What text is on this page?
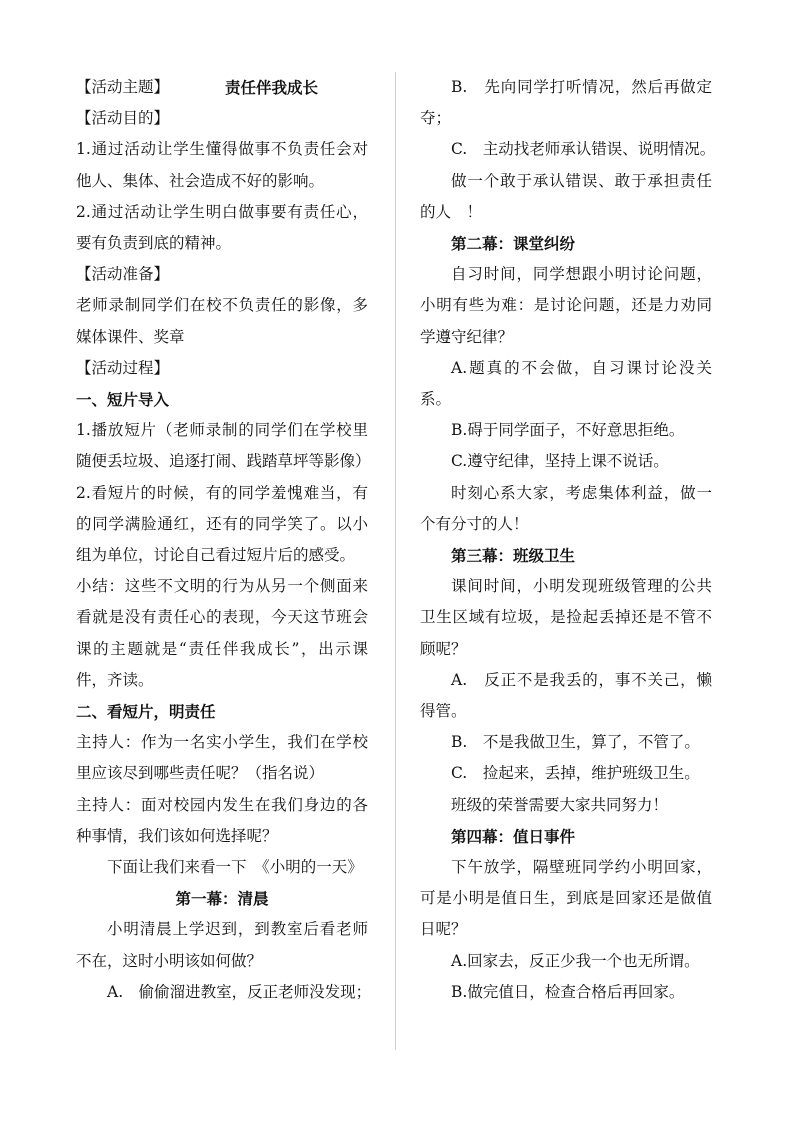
【活动主题】	责任伴我成长
【活动目的】
1.通过活动让学生懂得做事不负责任会对他人、集体、社会造成不好的影响。
2.通过活动让学生明白做事要有责任心，要有负责到底的精神。
【活动准备】
老师录制同学们在校不负责任的影像，多媒体课件、奖章
【活动过程】
一、短片导入
1.播放短片（老师录制的同学们在学校里随便丢垃圾、追逐打闹、践踏草坪等影像）
2.看短片的时候，有的同学羞愧难当，有的同学满脸通红，还有的同学笑了。以小组为单位，讨论自己看过短片后的感受。
小结：这些不文明的行为从另一个侧面来看就是没有责任心的表现，今天这节班会课的主题就是“责任伴我成长”，出示课件，齐读。
二、看短片，明责任
主持人：作为一名实小学生，我们在学校里应该尽到哪些责任呢？（指名说）
主持人：面对校园内发生在我们身边的各种事情，我们该如何选择呢？
下面让我们来看一下　《小明的一天》
第一幕：清晨
小明清晨上学迟到，到教室后看老师不在，这时小明该如何做？
A.　偷偷溜进教室，反正老师没发现；
B.　先向同学打听情况，然后再做定夺；
C.　主动找老师承认错误、说明情况。
做一个敢于承认错误、敢于承担责任的人　！
第二幕：课堂纠纷
自习时间，同学想跟小明讨论问题，小明有些为难：是讨论问题，还是力劝同学遵守纪律？
A.题真的不会做，自习课讨论没关系。
B.碍于同学面子，不好意思拒绝。
C.遵守纪律，坚持上课不说话。
时刻心系大家，考虑集体利益，做一个有分寸的人！
第三幕：班级卫生
课间时间，小明发现班级管理的公共卫生区域有垃圾，是捡起丢掉还是不管不顾呢？
A.　反正不是我丢的，事不关己，懒得管。
B.　不是我做卫生，算了，不管了。
C.　捡起来，丢掉，维护班级卫生。
班级的荣誉需要大家共同努力！
第四幕：值日事件
下午放学，隔壁班同学约小明回家，可是小明是值日生，到底是回家还是做值日呢？
A.回家去，反正少我一个也无所谓。
B.做完值日，检查合格后再回家。
